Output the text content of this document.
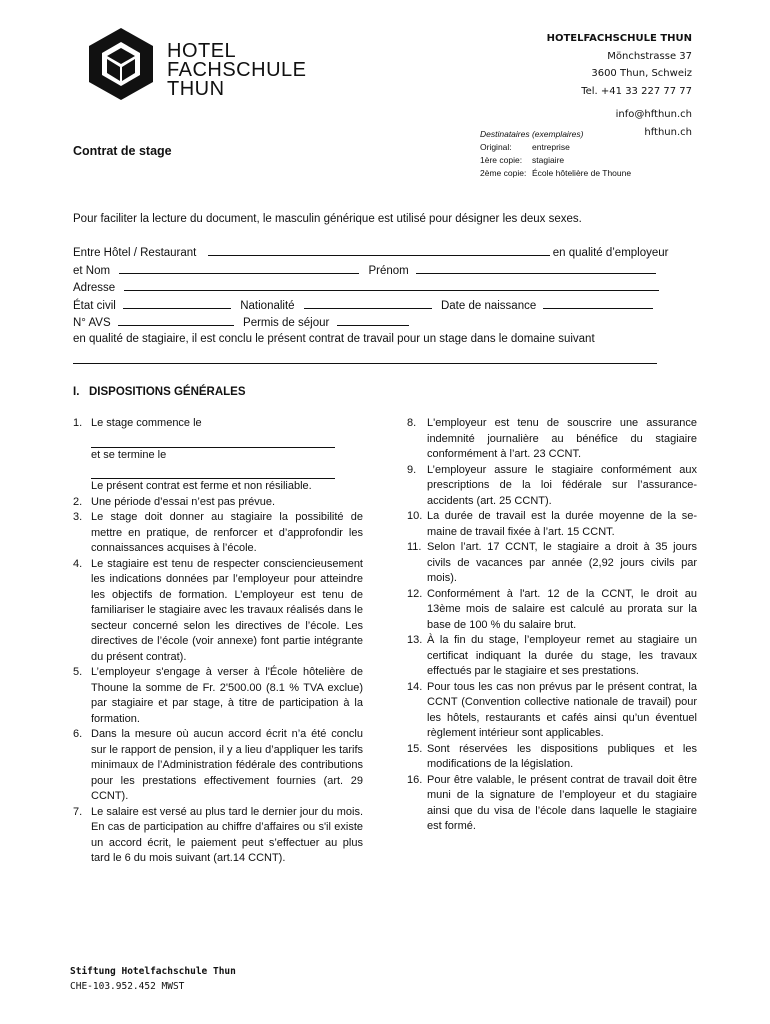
HOTEL
FACHSCHULE
THUN
HOTELFACHSCHULE THUN
Mönchstrasse 37
3600 Thun, Schweiz
Tel. +41 33 227 77 77
info@hfthun.ch
hfthun.ch
Destinataires (exemplaires)
Original:	entreprise
1ère copie:	stagiaire
2ème copie: École hôtelière de Thoune
Contrat de stage
Pour faciliter la lecture du document, le masculin générique est utilisé pour désigner les deux sexes.
Entre Hôtel / Restaurant	en qualité d’employeur
et Nom	Prénom
Adresse
État civil	Nationalité	Date de naissance
N° AVS	Permis de séjour
en qualité de stagiaire, il est conclu le présent contrat de travail pour un stage dans le domaine suivant
I.   DISPOSITIONS GÉNÉRALES
1. Le stage commence le
et se termine le
Le présent contrat est ferme et non résiliable.
2. Une période d’essai n’est pas prévue.
3. Le stage doit donner au stagiaire la possibilité de mettre en pratique, de renforcer et d’approfondir les connaissances acquises à l’école.
4. Le stagiaire est tenu de respecter consciencieusement les indications données par l’employeur pour atteindre les objectifs de formation. L’employeur est tenu de familiariser le stagiaire avec les travaux réalisés dans le secteur concerné selon les directives de l’école. Les directives de l’école (voir annexe) font partie intégrante du présent contrat).
5. L’employeur s'engage à verser à l'École hôtelière de Thoune la somme de Fr. 2'500.00 (8.1 % TVA exclue) par stagiaire et par stage, à titre de participation à la formation.
6. Dans la mesure où aucun accord écrit n’a été conclu sur le rapport de pension, il y a lieu d’appliquer les tarifs minimaux de l’Administration fédérale des contributions pour les prestations effectivement fournies (art. 29 CCNT).
7. Le salaire est versé au plus tard le dernier jour du mois. En cas de participation au chiffre d’affaires ou s'il existe un accord écrit, le paiement peut s’effectuer au plus tard le 6 du mois suivant (art.14 CCNT).
8. L'employeur est tenu de souscrire une assurance indemnité journalière au bénéfice du stagiaire conformément à l’art. 23 CCNT.
9. L’employeur assure le stagiaire conformément aux prescriptions de la loi fédérale sur l’assurance-accidents (art. 25 CCNT).
10. La durée de travail est la durée moyenne de la semaine de travail fixée à l’art. 15 CCNT.
11. Selon l’art. 17 CCNT, le stagiaire a droit à 35 jours civils de vacances par année (2,92 jours civils par mois).
12. Conformément à l'art. 12 de la CCNT, le droit au 13ème mois de salaire est calculé au prorata sur la base de 100 % du salaire brut.
13. À la fin du stage, l’employeur remet au stagiaire un certificat indiquant la durée du stage, les travaux effectués par le stagiaire et ses prestations.
14. Pour tous les cas non prévus par le présent contrat, la CCNT (Convention collective nationale de travail) pour les hôtels, restaurants et cafés ainsi qu’un éventuel règlement intérieur sont applicables.
15. Sont réservées les dispositions publiques et les modifications de la législation.
16. Pour être valable, le présent contrat de travail doit être muni de la signature de l’employeur et du stagiaire ainsi que du visa de l’école dans laquelle le stagiaire est formé.
Stiftung Hotelfachschule Thun
CHE-103.952.452 MWST
